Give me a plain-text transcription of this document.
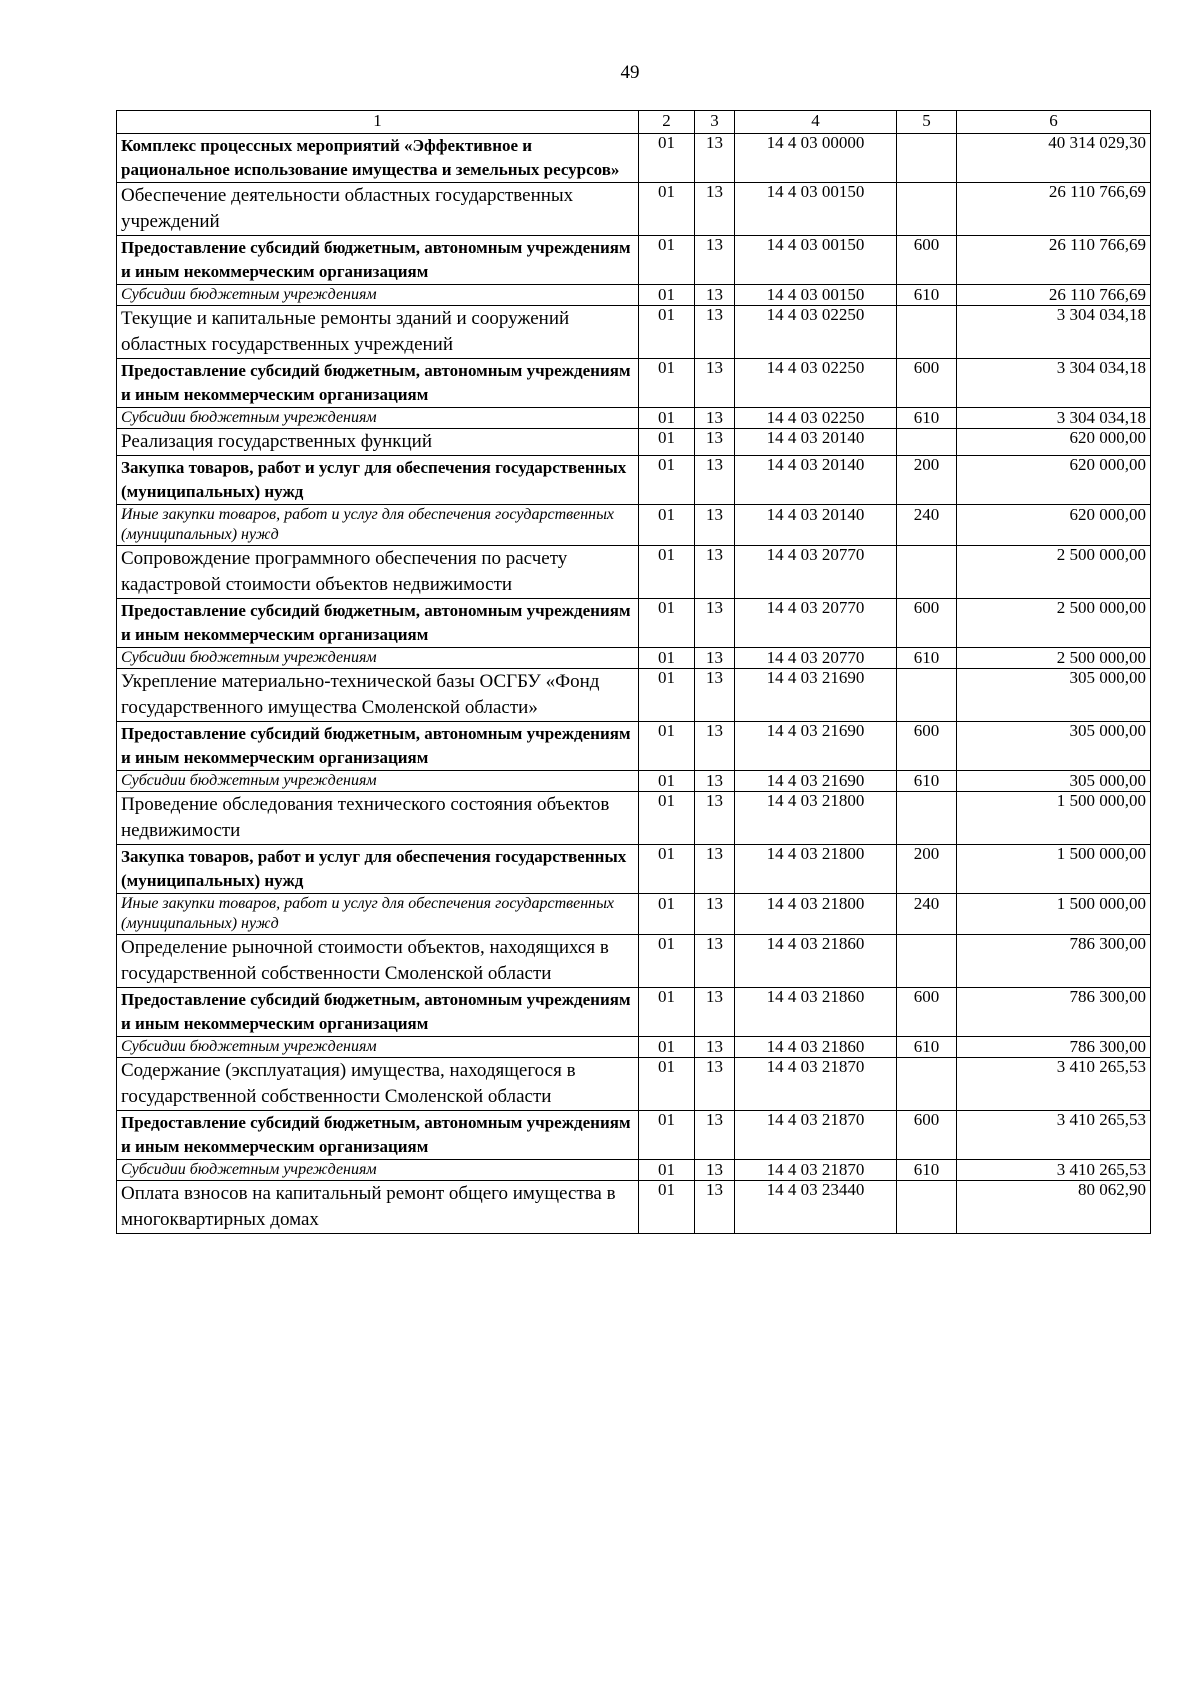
49
1	2	3	4	5	6
Комплекс процессных мероприятий «Эффективное и рациональное использование имущества и земельных ресурсов»	01	13	14 4 03 00000		40 314 029,30
Обеспечение деятельности областных государственных учреждений	01	13	14 4 03 00150		26 110 766,69
Предоставление субсидий бюджетным, автономным учреждениям и иным некоммерческим организациям	01	13	14 4 03 00150	600	26 110 766,69
Субсидии бюджетным учреждениям	01	13	14 4 03 00150	610	26 110 766,69
Текущие и капитальные ремонты зданий и сооружений областных государственных учреждений	01	13	14 4 03 02250		3 304 034,18
Предоставление субсидий бюджетным, автономным учреждениям и иным некоммерческим организациям	01	13	14 4 03 02250	600	3 304 034,18
Субсидии бюджетным учреждениям	01	13	14 4 03 02250	610	3 304 034,18
Реализация государственных функций	01	13	14 4 03 20140		620 000,00
Закупка товаров, работ и услуг для обеспечения государственных (муниципальных) нужд	01	13	14 4 03 20140	200	620 000,00
Иные закупки товаров, работ и услуг для обеспечения государственных (муниципальных) нужд	01	13	14 4 03 20140	240	620 000,00
Сопровождение программного обеспечения по расчету кадастровой стоимости объектов недвижимости	01	13	14 4 03 20770		2 500 000,00
Предоставление субсидий бюджетным, автономным учреждениям и иным некоммерческим организациям	01	13	14 4 03 20770	600	2 500 000,00
Субсидии бюджетным учреждениям	01	13	14 4 03 20770	610	2 500 000,00
Укрепление материально-технической базы ОСГБУ «Фонд государственного имущества Смоленской области»	01	13	14 4 03 21690		305 000,00
Предоставление субсидий бюджетным, автономным учреждениям и иным некоммерческим организациям	01	13	14 4 03 21690	600	305 000,00
Субсидии бюджетным учреждениям	01	13	14 4 03 21690	610	305 000,00
Проведение обследования технического состояния объектов недвижимости	01	13	14 4 03 21800		1 500 000,00
Закупка товаров, работ и услуг для обеспечения государственных (муниципальных) нужд	01	13	14 4 03 21800	200	1 500 000,00
Иные закупки товаров, работ и услуг для обеспечения государственных (муниципальных) нужд	01	13	14 4 03 21800	240	1 500 000,00
Определение рыночной стоимости объектов, находящихся в государственной собственности Смоленской области	01	13	14 4 03 21860		786 300,00
Предоставление субсидий бюджетным, автономным учреждениям и иным некоммерческим организациям	01	13	14 4 03 21860	600	786 300,00
Субсидии бюджетным учреждениям	01	13	14 4 03 21860	610	786 300,00
Содержание (эксплуатация) имущества, находящегося в государственной собственности Смоленской области	01	13	14 4 03 21870		3 410 265,53
Предоставление субсидий бюджетным, автономным учреждениям и иным некоммерческим организациям	01	13	14 4 03 21870	600	3 410 265,53
Субсидии бюджетным учреждениям	01	13	14 4 03 21870	610	3 410 265,53
Оплата взносов на капитальный ремонт общего имущества в многоквартирных домах	01	13	14 4 03 23440		80 062,90
